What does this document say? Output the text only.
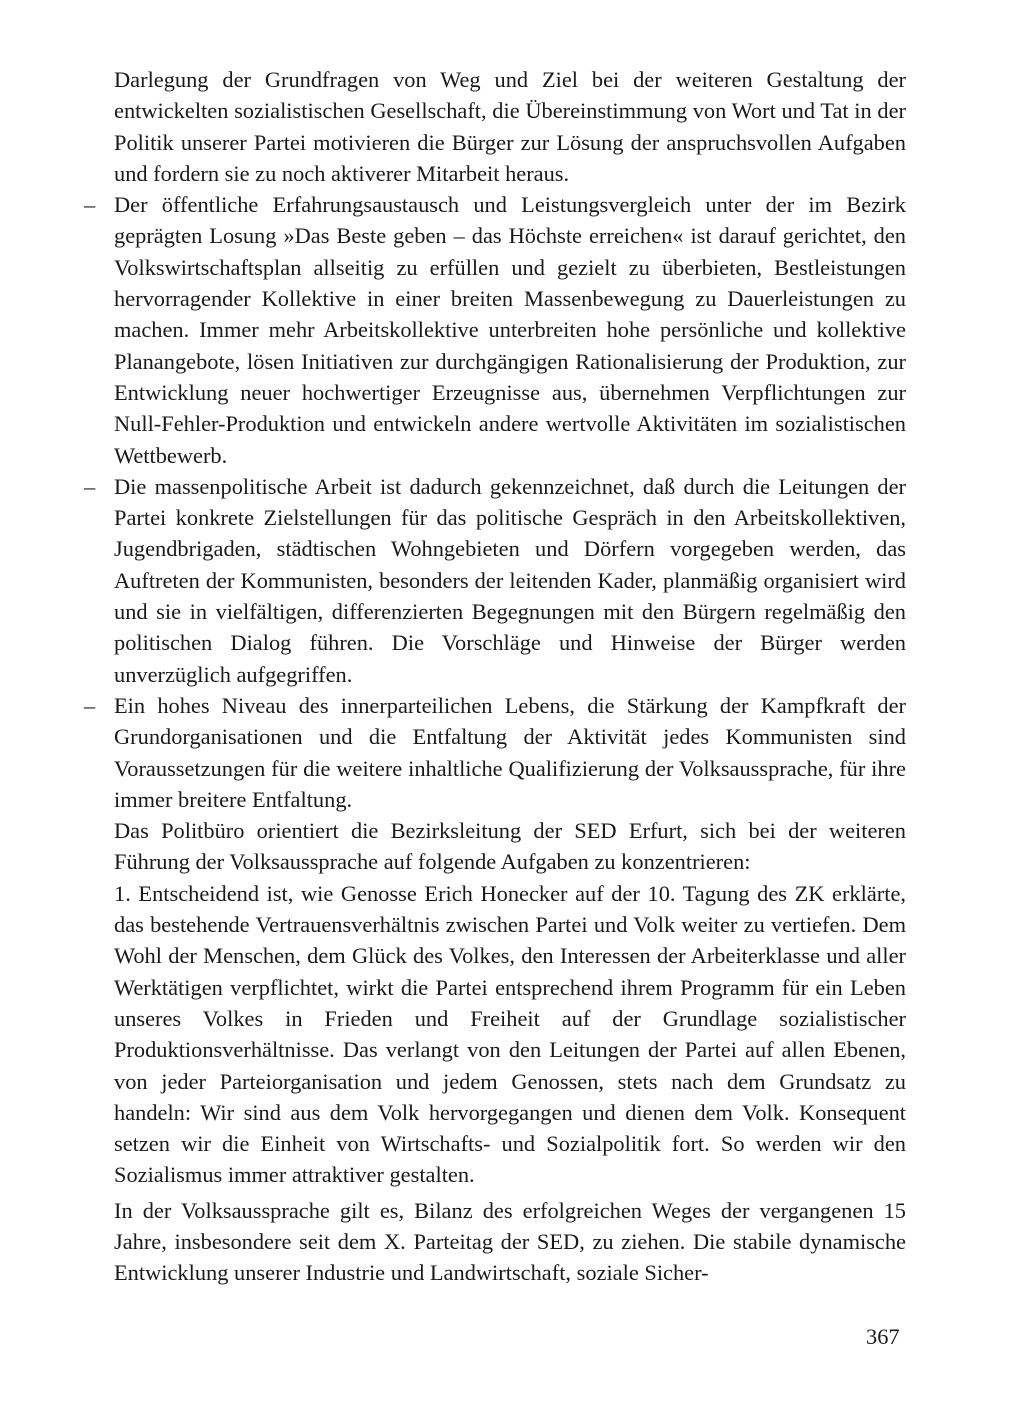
Darlegung der Grundfragen von Weg und Ziel bei der weiteren Gestaltung der entwickelten sozialistischen Gesellschaft, die Übereinstimmung von Wort und Tat in der Politik unserer Partei motivieren die Bürger zur Lösung der anspruchsvollen Aufgaben und fordern sie zu noch aktiverer Mitarbeit heraus.

– Der öffentliche Erfahrungsaustausch und Leistungsvergleich unter der im Bezirk geprägten Losung »Das Beste geben – das Höchste erreichen« ist darauf gerichtet, den Volkswirtschaftsplan allseitig zu erfüllen und gezielt zu überbieten, Bestleistungen hervorragender Kollektive in einer breiten Massenbewegung zu Dauerleistungen zu machen. Immer mehr Arbeitskollektive unterbreiten hohe persönliche und kollektive Planangebote, lösen Initiativen zur durchgängigen Rationalisierung der Produktion, zur Entwicklung neuer hochwertiger Erzeugnisse aus, übernehmen Verpflichtungen zur Null-Fehler-Produktion und entwickeln andere wertvolle Aktivitäten im sozialistischen Wettbewerb.
– Die massenpolitische Arbeit ist dadurch gekennzeichnet, daß durch die Leitungen der Partei konkrete Zielstellungen für das politische Gespräch in den Arbeitskollektiven, Jugendbrigaden, städtischen Wohngebieten und Dörfern vorgegeben werden, das Auftreten der Kommunisten, besonders der leitenden Kader, planmäßig organisiert wird und sie in vielfältigen, differenzierten Begegnungen mit den Bürgern regelmäßig den politischen Dialog führen. Die Vorschläge und Hinweise der Bürger werden unverzüglich aufgegriffen.
– Ein hohes Niveau des innerparteilichen Lebens, die Stärkung der Kampfkraft der Grundorganisationen und die Entfaltung der Aktivität jedes Kommunisten sind Voraussetzungen für die weitere inhaltliche Qualifizierung der Volksaussprache, für ihre immer breitere Entfaltung.

Das Politbüro orientiert die Bezirksleitung der SED Erfurt, sich bei der weiteren Führung der Volksaussprache auf folgende Aufgaben zu konzentrieren:

1. Entscheidend ist, wie Genosse Erich Honecker auf der 10. Tagung des ZK erklärte, das bestehende Vertrauensverhältnis zwischen Partei und Volk weiter zu vertiefen. Dem Wohl der Menschen, dem Glück des Volkes, den Interessen der Arbeiterklasse und aller Werktätigen verpflichtet, wirkt die Partei entsprechend ihrem Programm für ein Leben unseres Volkes in Frieden und Freiheit auf der Grundlage sozialistischer Produktionsverhältnisse. Das verlangt von den Leitungen der Partei auf allen Ebenen, von jeder Parteiorganisation und jedem Genossen, stets nach dem Grundsatz zu handeln: Wir sind aus dem Volk hervorgegangen und dienen dem Volk. Konsequent setzen wir die Einheit von Wirtschafts- und Sozialpolitik fort. So werden wir den Sozialismus immer attraktiver gestalten.

In der Volksaussprache gilt es, Bilanz des erfolgreichen Weges der vergangenen 15 Jahre, insbesondere seit dem X. Parteitag der SED, zu ziehen. Die stabile dynamische Entwicklung unserer Industrie und Landwirtschaft, soziale Sicher-

367
